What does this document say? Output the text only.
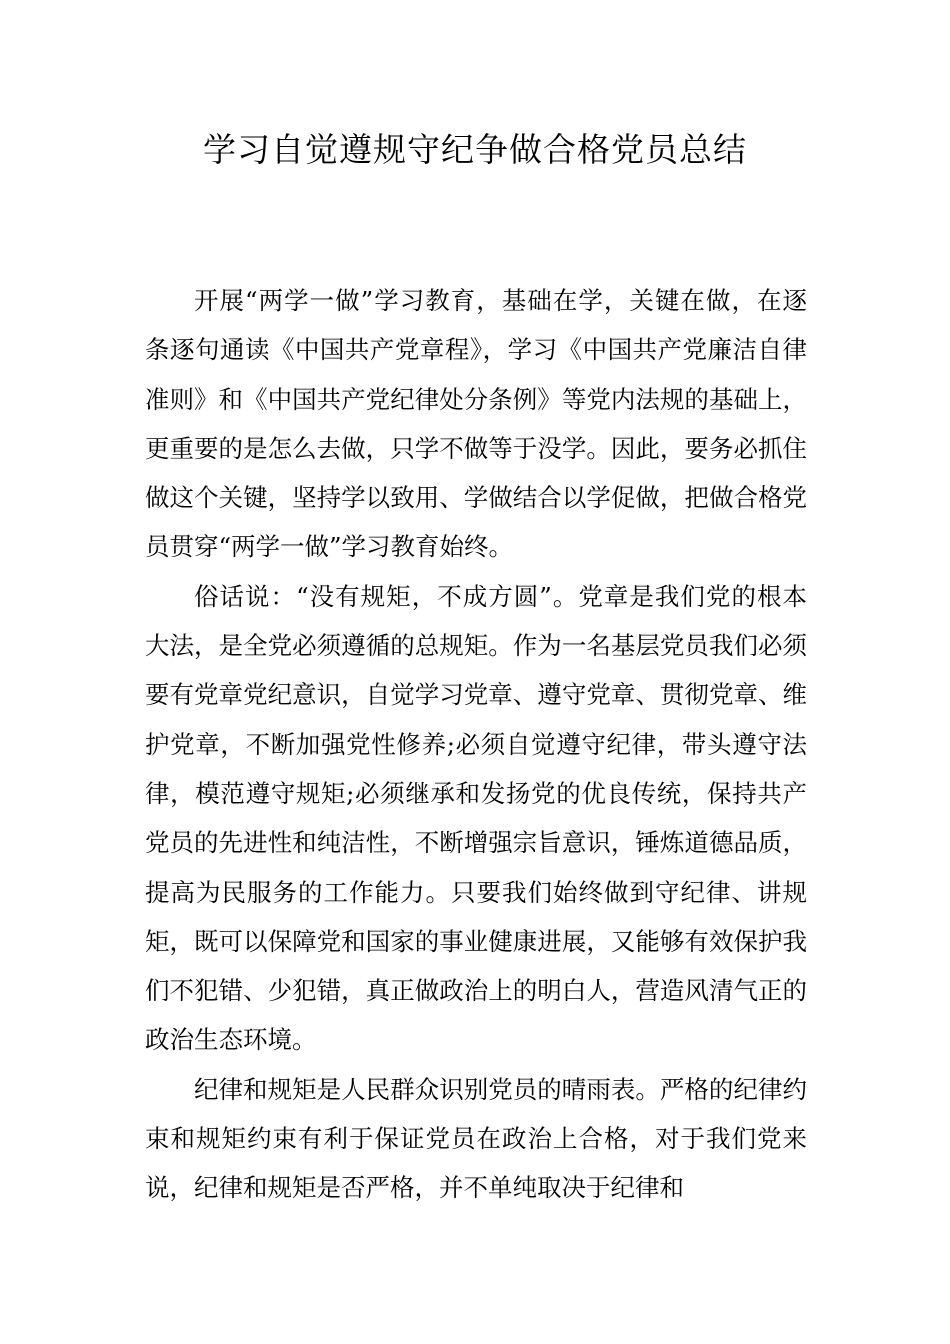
学习自觉遵规守纪争做合格党员总结

开展“两学一做”学习教育，基础在学，关键在做，在逐条逐句通读《中国共产党章程》，学习《中国共产党廉洁自律准则》和《中国共产党纪律处分条例》等党内法规的基础上，更重要的是怎么去做，只学不做等于没学。因此，要务必抓住做这个关键，坚持学以致用、学做结合以学促做，把做合格党员贯穿“两学一做”学习教育始终。

俗话说：“没有规矩，不成方圆”。党章是我们党的根本大法，是全党必须遵循的总规矩。作为一名基层党员我们必须要有党章党纪意识，自觉学习党章、遵守党章、贯彻党章、维护党章，不断加强党性修养;必须自觉遵守纪律，带头遵守法律，模范遵守规矩;必须继承和发扬党的优良传统，保持共产党员的先进性和纯洁性，不断增强宗旨意识，锤炼道德品质，提高为民服务的工作能力。只要我们始终做到守纪律、讲规矩，既可以保障党和国家的事业健康进展，又能够有效保护我们不犯错、少犯错，真正做政治上的明白人，营造风清气正的政治生态环境。

纪律和规矩是人民群众识别党员的晴雨表。严格的纪律约束和规矩约束有利于保证党员在政治上合格，对于我们党来说，纪律和规矩是否严格，并不单纯取决于纪律和
